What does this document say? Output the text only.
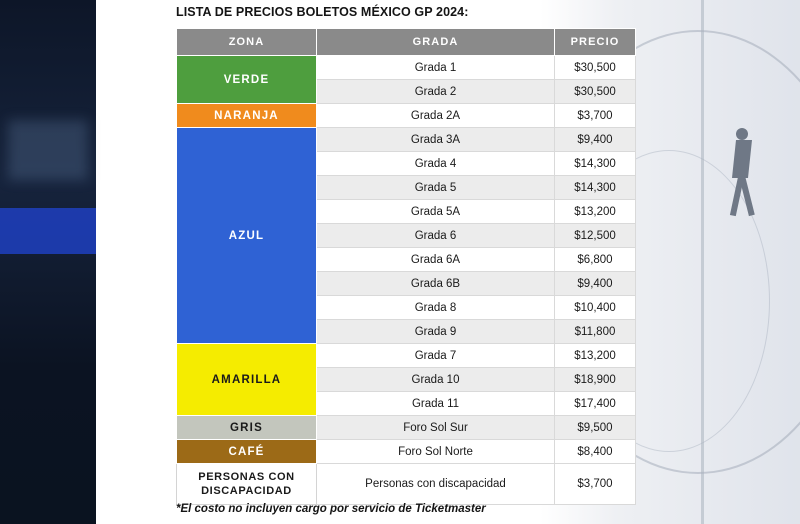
LISTA DE PRECIOS BOLETOS MÉXICO GP 2024:
ZONA	GRADA	PRECIO
VERDE	Grada 1	$30,500
	Grada 2	$30,500
NARANJA	Grada 2A	$3,700
AZUL	Grada 3A	$9,400
	Grada 4	$14,300
	Grada 5	$14,300
	Grada 5A	$13,200
	Grada 6	$12,500
	Grada 6A	$6,800
	Grada 6B	$9,400
	Grada 8	$10,400
	Grada 9	$11,800
AMARILLA	Grada 7	$13,200
	Grada 10	$18,900
	Grada 11	$17,400
GRIS	Foro Sol Sur	$9,500
CAFÉ	Foro Sol Norte	$8,400
PERSONAS CON DISCAPACIDAD	Personas con discapacidad	$3,700
*El costo no incluyen cargo por servicio de Ticketmaster
